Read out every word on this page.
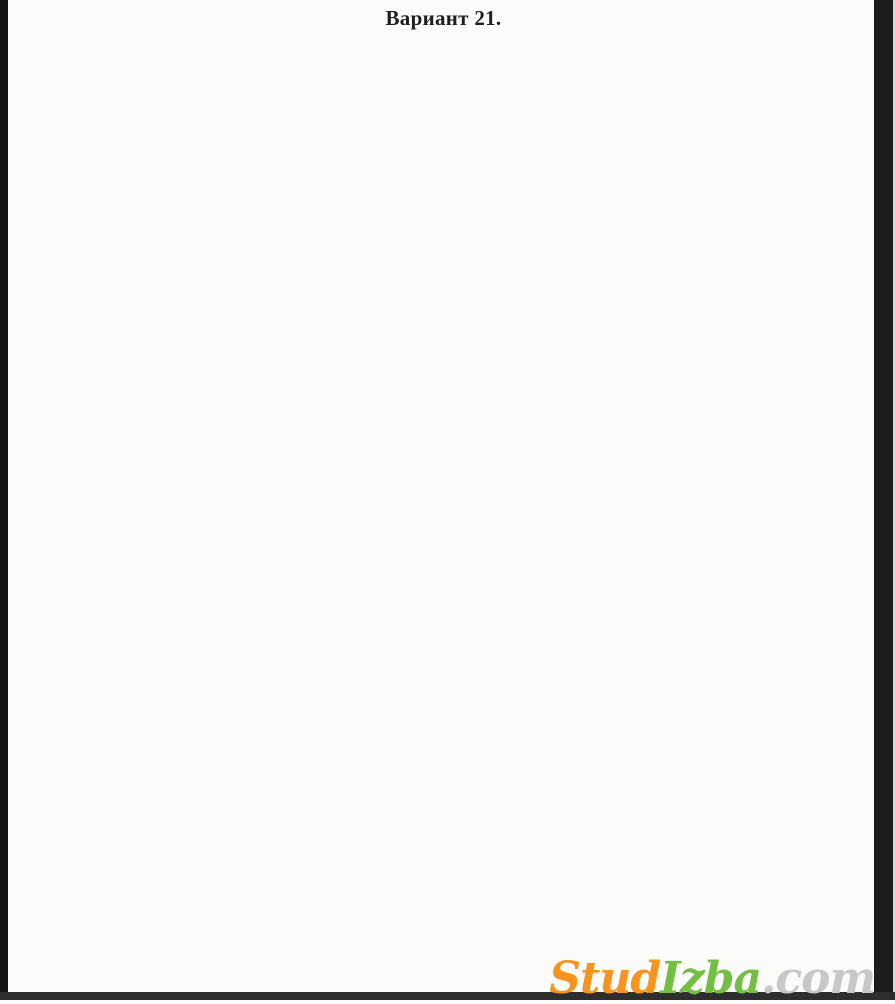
Вариант 21.
StudIzba.com
